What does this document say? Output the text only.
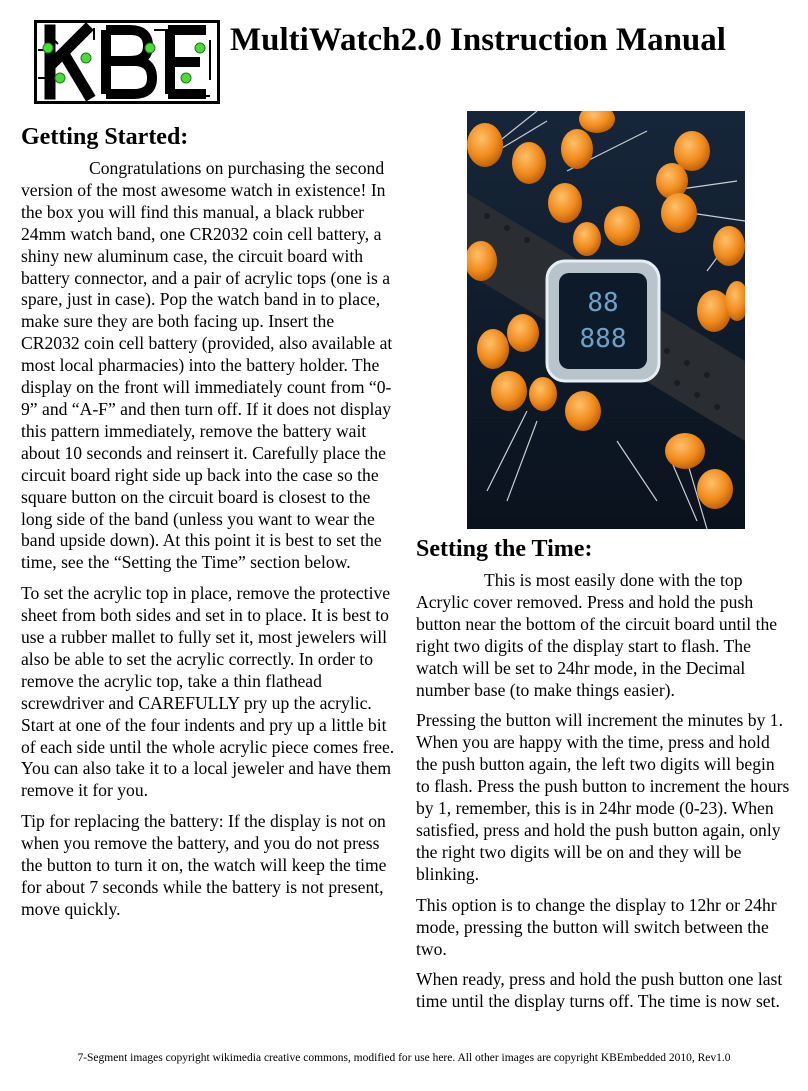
MultiWatch2.0 Instruction Manual
Getting Started:

Congratulations on purchasing the second version of the most awesome watch in existence! In the box you will find this manual, a black rubber 24mm watch band, one CR2032 coin cell battery, a shiny new aluminum case, the circuit board with battery connector, and a pair of acrylic tops (one is a spare, just in case). Pop the watch band in to place, make sure they are both facing up. Insert the CR2032 coin cell battery (provided, also available at most local pharmacies) into the battery holder. The display on the front will immediately count from “0-9” and “A-F” and then turn off. If it does not display this pattern immediately, remove the battery wait about 10 seconds and reinsert it. Carefully place the circuit board right side up back into the case so the square button on the circuit board is closest to the long side of the band (unless you want to wear the band upside down). At this point it is best to set the time, see the “Setting the Time” section below.

To set the acrylic top in place, remove the protective sheet from both sides and set in to place. It is best to use a rubber mallet to fully set it, most jewelers will also be able to set the acrylic correctly. In order to remove the acrylic top, take a thin flathead screwdriver and CAREFULLY pry up the acrylic. Start at one of the four indents and pry up a little bit of each side until the whole acrylic piece comes free. You can also take it to a local jeweler and have them remove it for you.

Tip for replacing the battery: If the display is not on when you remove the battery, and you do not press the button to turn it on, the watch will keep the time for about 7 seconds while the battery is not present, move quickly.

88
888
Setting the Time:

This is most easily done with the top Acrylic cover removed. Press and hold the push button near the bottom of the circuit board until the right two digits of the display start to flash. The watch will be set to 24hr mode, in the Decimal number base (to make things easier).

Pressing the button will increment the minutes by 1. When you are happy with the time, press and hold the push button again, the left two digits will begin to flash. Press the push button to increment the hours by 1, remember, this is in 24hr mode (0-23). When satisfied, press and hold the push button again, only the right two digits will be on and they will be blinking.

This option is to change the display to 12hr or 24hr mode, pressing the button will switch between the two.

When ready, press and hold the push button one last time until the display turns off. The time is now set.

7-Segment images copyright wikimedia creative commons, modified for use here. All other images are copyright KBEmbedded 2010, Rev1.0
